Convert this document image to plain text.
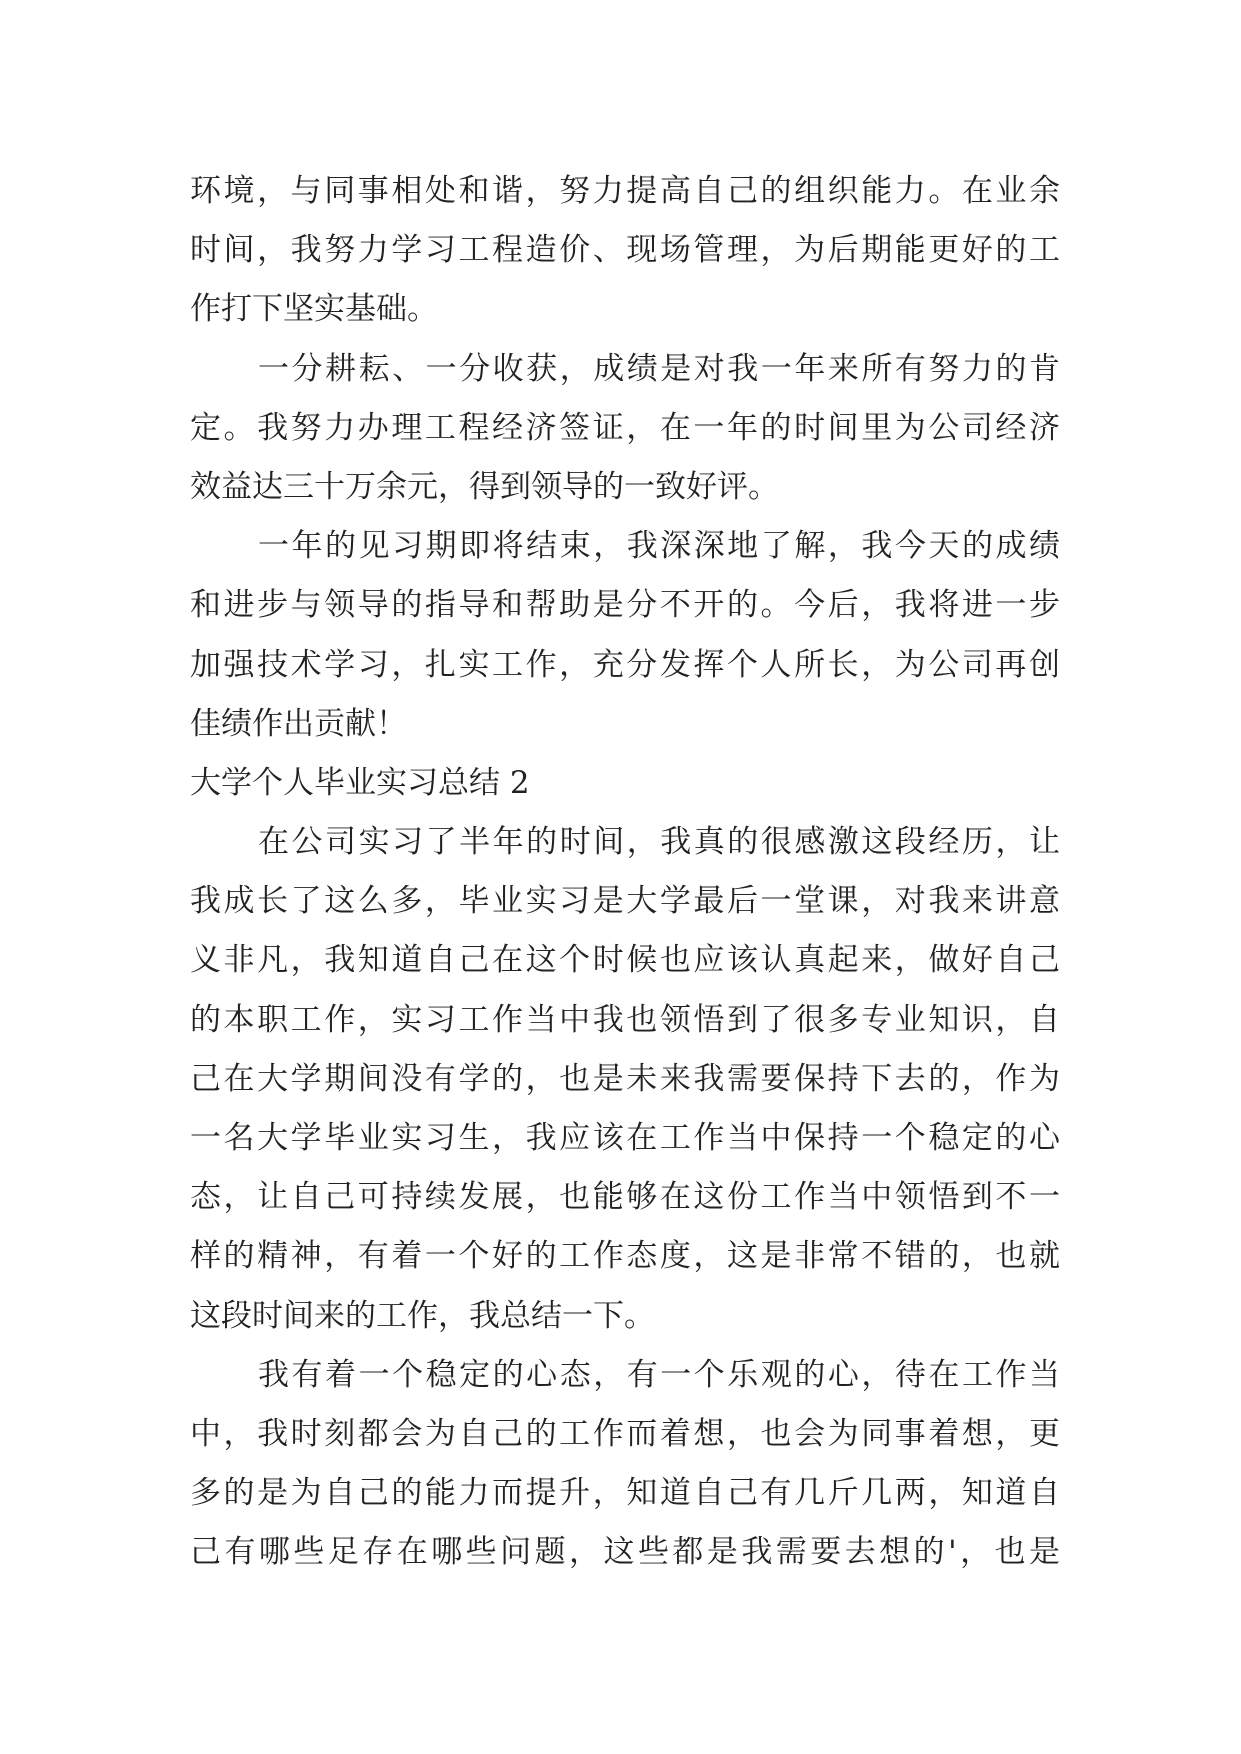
环境，与同事相处和谐，努力提高自己的组织能力。在业余
时间，我努力学习工程造价、现场管理，为后期能更好的工
作打下坚实基础。
一分耕耘、一分收获，成绩是对我一年来所有努力的肯
定。我努力办理工程经济签证，在一年的时间里为公司经济
效益达三十万余元，得到领导的一致好评。
一年的见习期即将结束，我深深地了解，我今天的成绩
和进步与领导的指导和帮助是分不开的。今后，我将进一步
加强技术学习，扎实工作，充分发挥个人所长，为公司再创
佳绩作出贡献！
大学个人毕业实习总结 2
在公司实习了半年的时间，我真的很感激这段经历，让
我成长了这么多，毕业实习是大学最后一堂课，对我来讲意
义非凡，我知道自己在这个时候也应该认真起来，做好自己
的本职工作，实习工作当中我也领悟到了很多专业知识，自
己在大学期间没有学的，也是未来我需要保持下去的，作为
一名大学毕业实习生，我应该在工作当中保持一个稳定的心
态，让自己可持续发展，也能够在这份工作当中领悟到不一
样的精神，有着一个好的工作态度，这是非常不错的，也就
这段时间来的工作，我总结一下。
我有着一个稳定的心态，有一个乐观的心，待在工作当
中，我时刻都会为自己的工作而着想，也会为同事着想，更
多的是为自己的能力而提升，知道自己有几斤几两，知道自
己有哪些足存在哪些问题，这些都是我需要去想的'，也是
